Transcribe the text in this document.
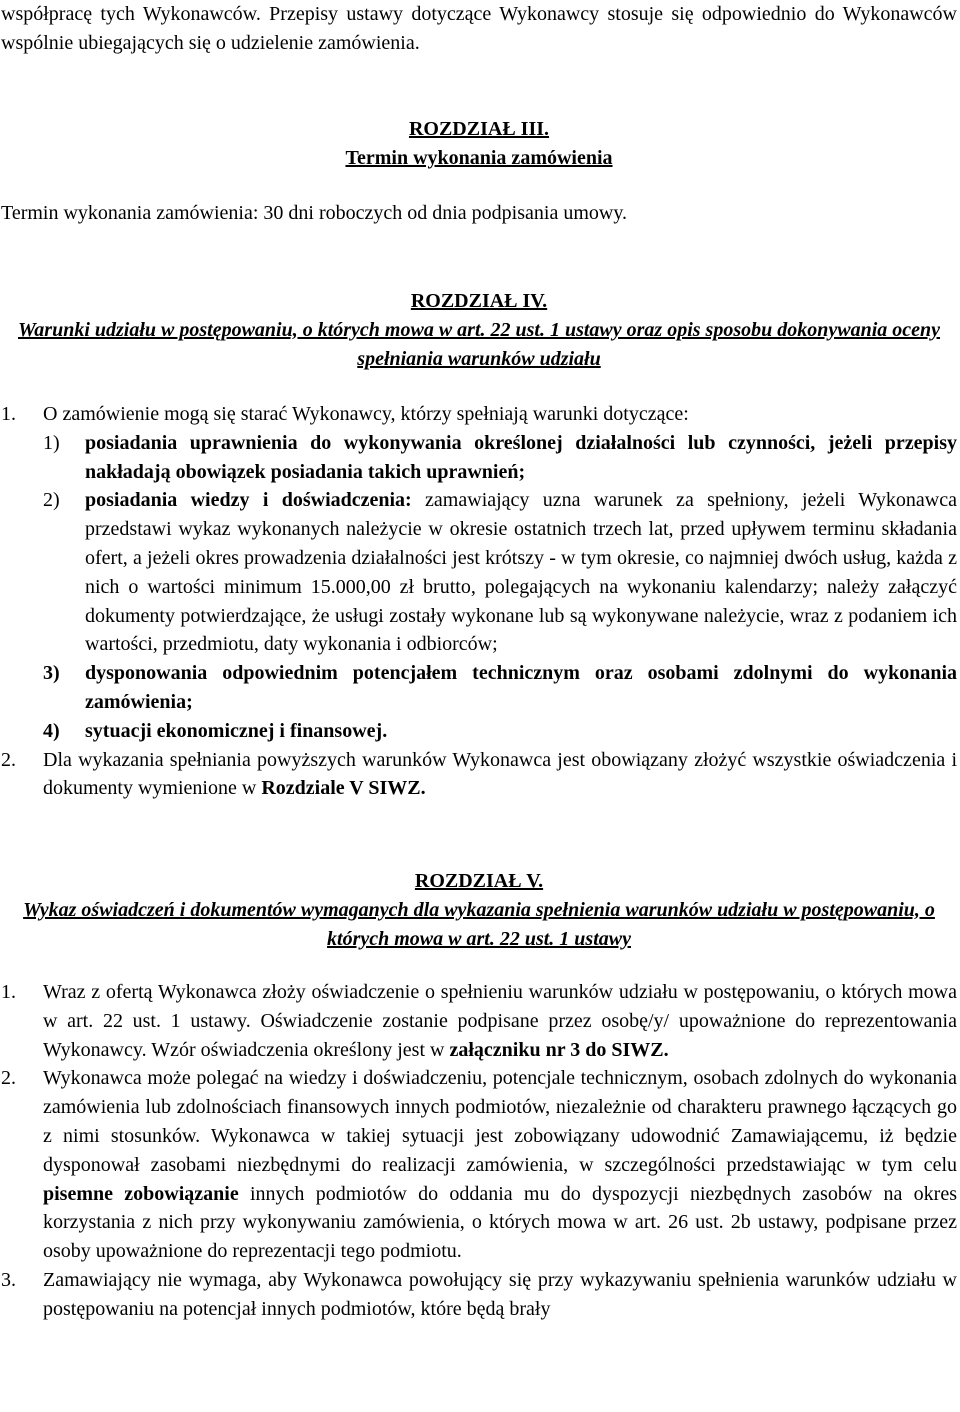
współpracę tych Wykonawców. Przepisy ustawy dotyczące Wykonawcy stosuje się odpowiednio do Wykonawców wspólnie ubiegających się o udzielenie zamówienia.

ROZDZIAŁ III.

Termin wykonania zamówienia

Termin wykonania zamówienia: 30 dni roboczych od dnia podpisania umowy.

ROZDZIAŁ IV.

Warunki udziału w postępowaniu, o których mowa w art. 22 ust. 1 ustawy oraz opis sposobu dokonywania oceny spełniania warunków udziału

1. O zamówienie mogą się starać Wykonawcy, którzy spełniają warunki dotyczące:

1) posiadania uprawnienia do wykonywania określonej działalności lub czynności, jeżeli przepisy nakładają obowiązek posiadania takich uprawnień;

2) posiadania wiedzy i doświadczenia: zamawiający uzna warunek za spełniony, jeżeli Wykonawca przedstawi wykaz wykonanych należycie w okresie ostatnich trzech lat, przed upływem terminu składania ofert, a jeżeli okres prowadzenia działalności jest krótszy - w tym okresie, co najmniej dwóch usług, każda z nich o wartości minimum 15.000,00 zł brutto, polegających na wykonaniu kalendarzy; należy załączyć dokumenty potwierdzające, że usługi zostały wykonane lub są wykonywane należycie, wraz z podaniem ich wartości, przedmiotu, daty wykonania i odbiorców;

3) dysponowania odpowiednim potencjałem technicznym oraz osobami zdolnymi do wykonania zamówienia;

4) sytuacji ekonomicznej i finansowej.

2. Dla wykazania spełniania powyższych warunków Wykonawca jest obowiązany złożyć wszystkie oświadczenia i dokumenty wymienione w Rozdziale V SIWZ.

ROZDZIAŁ V.

Wykaz oświadczeń i dokumentów wymaganych dla wykazania spełnienia warunków udziału w postępowaniu, o których mowa w art. 22 ust. 1 ustawy

1. Wraz z ofertą Wykonawca złoży oświadczenie o spełnieniu warunków udziału w postępowaniu, o których mowa w art. 22 ust. 1 ustawy. Oświadczenie zostanie podpisane przez osobę/y/ upoważnione do reprezentowania Wykonawcy. Wzór oświadczenia określony jest w załączniku nr 3 do SIWZ.

2. Wykonawca może polegać na wiedzy i doświadczeniu, potencjale technicznym, osobach zdolnych do wykonania zamówienia lub zdolnościach finansowych innych podmiotów, niezależnie od charakteru prawnego łączących go z nimi stosunków. Wykonawca w takiej sytuacji jest zobowiązany udowodnić Zamawiającemu, iż będzie dysponował zasobami niezbędnymi do realizacji zamówienia, w szczególności przedstawiając w tym celu pisemne zobowiązanie innych podmiotów do oddania mu do dyspozycji niezbędnych zasobów na okres korzystania z nich przy wykonywaniu zamówienia, o których mowa w art. 26 ust. 2b ustawy, podpisane przez osoby upoważnione do reprezentacji tego podmiotu.

3. Zamawiający nie wymaga, aby Wykonawca powołujący się przy wykazywaniu spełnienia warunków udziału w postępowaniu na potencjał innych podmiotów, które będą brały
